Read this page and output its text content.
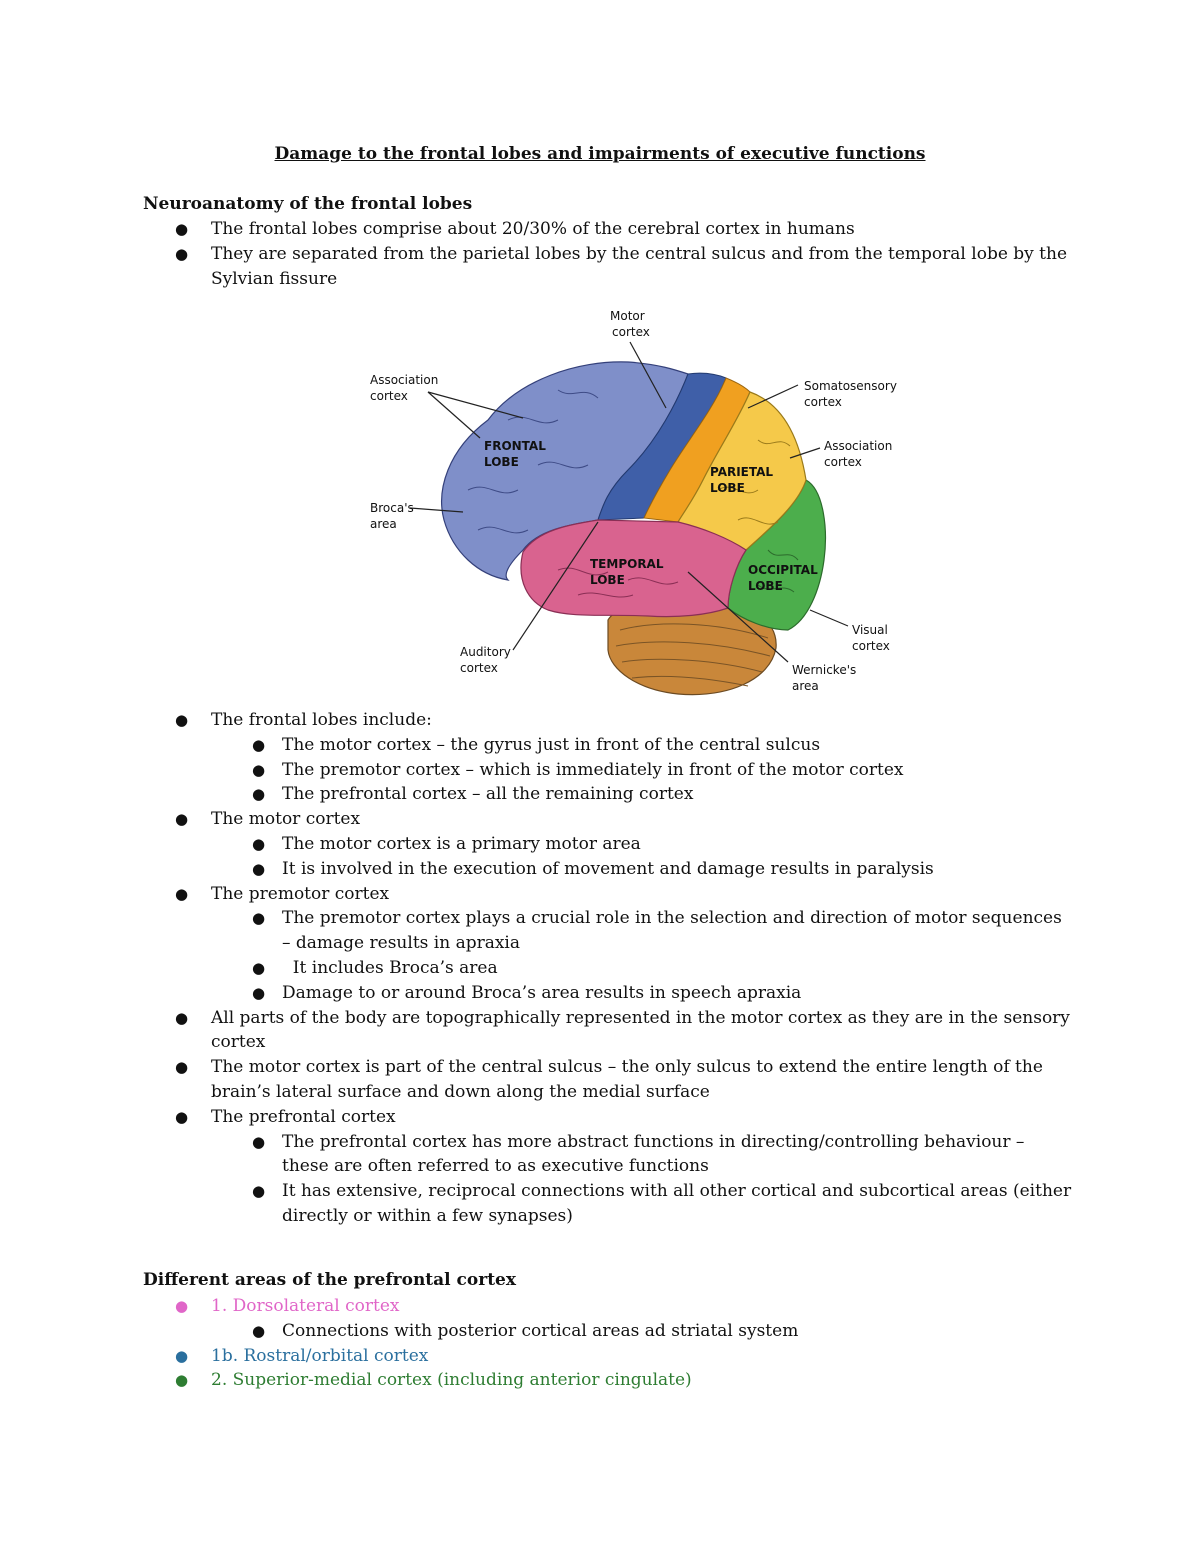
Damage to the frontal lobes and impairments of executive functions
Neuroanatomy of the frontal lobes
● The frontal lobes comprise about 20/30% of the cerebral cortex in humans
● They are separated from the parietal lobes by the central sulcus and from the temporal lobe by the Sylvian fissure
Motor
cortex
Association
cortex
Somatosensory
cortex
Association
cortex
Broca's
area
Visual
cortex
Auditory
cortex	Wernicke's
area
FRONTAL
LOBE
PARIETAL
LOBE
TEMPORAL
LOBE
OCCIPITAL
LOBE
● The frontal lobes include:
● The motor cortex – the gyrus just in front of the central sulcus
● The premotor cortex – which is immediately in front of the motor cortex
● The prefrontal cortex – all the remaining cortex
● The motor cortex
● The motor cortex is a primary motor area
● It is involved in the execution of movement and damage results in paralysis
● The premotor cortex
● The premotor cortex plays a crucial role in the selection and direction of motor sequences – damage results in apraxia
● It includes Broca’s area
● Damage to or around Broca’s area results in speech apraxia
● All parts of the body are topographically represented in the motor cortex as they are in the sensory cortex
● The motor cortex is part of the central sulcus – the only sulcus to extend the entire length of the brain’s lateral surface and down along the medial surface
● The prefrontal cortex
● The prefrontal cortex has more abstract functions in directing/controlling behaviour – these are often referred to as executive functions
● It has extensive, reciprocal connections with all other cortical and subcortical areas (either directly or within a few synapses)
Different areas of the prefrontal cortex
● 1. Dorsolateral cortex
● Connections with posterior cortical areas ad striatal system
● 1b. Rostral/orbital cortex
● 2. Superior-medial cortex (including anterior cingulate)
